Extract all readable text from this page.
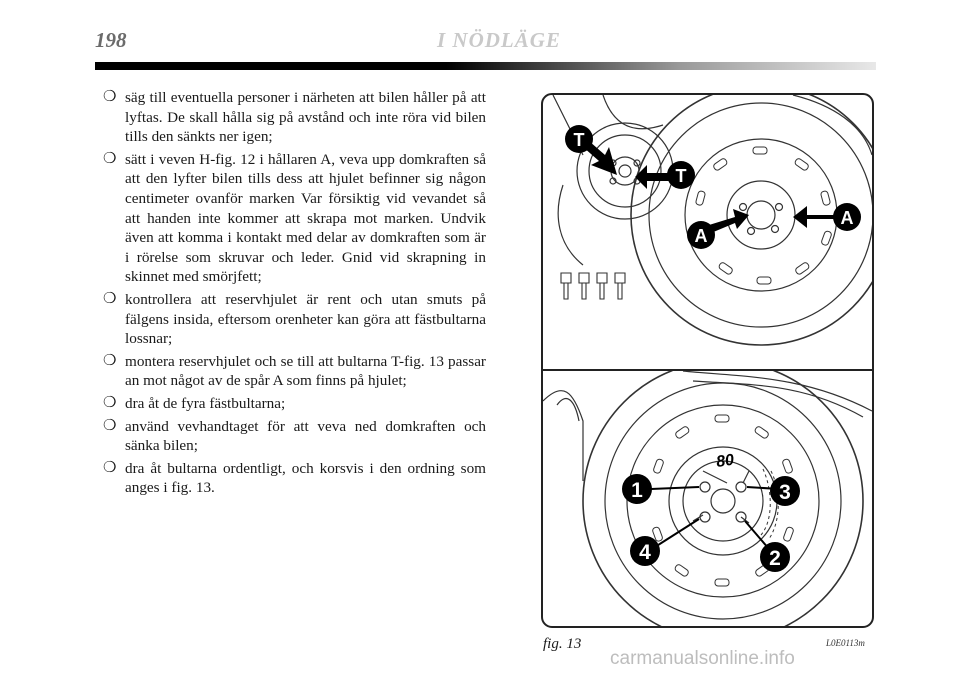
198	I NÖDLÄGE
❍ säg till eventuella personer i närheten att bilen håller på att lyftas. De skall hålla sig på avstånd och inte röra vid bilen tills den sänkts ner igen;
❍ sätt i veven H-fig. 12 i hållaren A, veva upp domkraften så att den lyfter bilen tills dess att hjulet befinner sig någon centimeter ovanför marken Var försiktig vid vevandet så att handen inte kommer att skrapa mot marken. Undvik även att komma i kontakt med delar av domkraften som är i rörelse som skruvar och leder. Gnid vid skrapning in skinnet med smörjfett;
❍ kontrollera att reservhjulet är rent och utan smuts på fälgens insida, eftersom orenheter kan göra att fästbultarna lossnar;
❍ montera reservhjulet och se till att bultarna T-fig. 13 passar an mot något av de spår A som finns på hjulet;
❍ dra åt de fyra fästbultarna;
❍ använd vevhandtaget för att veva ned domkraften och sänka bilen;
❍ dra åt bultarna ordentligt, och korsvis i den ordning som anges i fig. 13.
T
T
A
A
1	3
4	2
80
fig. 13	L0E0113m
carmanualsonline.info
